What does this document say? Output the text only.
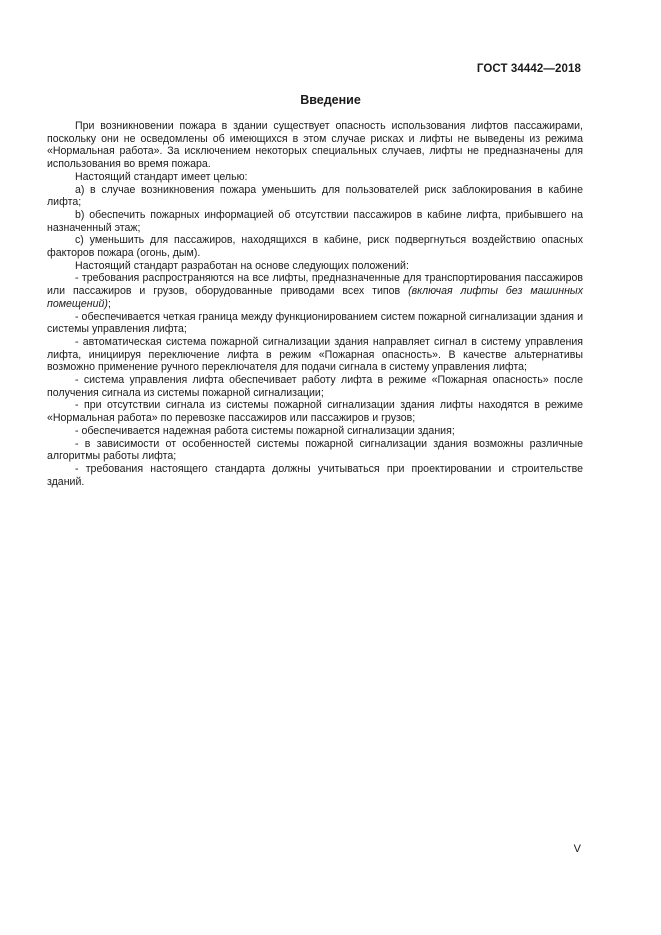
ГОСТ 34442—2018
Введение

При возникновении пожара в здании существует опасность использования лифтов пассажирами, поскольку они не осведомлены об имеющихся в этом случае рисках и лифты не выведены из режима «Нормальная работа». За исключением некоторых специальных случаев, лифты не предназначены для использования во время пожара.

Настоящий стандарт имеет целью:

a) в случае возникновения пожара уменьшить для пользователей риск заблокирования в кабине лифта;

b) обеспечить пожарных информацией об отсутствии пассажиров в кабине лифта, прибывшего на назначенный этаж;

c) уменьшить для пассажиров, находящихся в кабине, риск подвергнуться воздействию опасных факторов пожара (огонь, дым).

Настоящий стандарт разработан на основе следующих положений:

- требования распространяются на все лифты, предназначенные для транспортирования пассажиров или пассажиров и грузов, оборудованные приводами всех типов (включая лифты без машинных помещений);

- обеспечивается четкая граница между функционированием систем пожарной сигнализации здания и системы управления лифта;

- автоматическая система пожарной сигнализации здания направляет сигнал в систему управления лифта, инициируя переключение лифта в режим «Пожарная опасность». В качестве альтернативы возможно применение ручного переключателя для подачи сигнала в систему управления лифта;

- система управления лифта обеспечивает работу лифта в режиме «Пожарная опасность» после получения сигнала из системы пожарной сигнализации;

- при отсутствии сигнала из системы пожарной сигнализации здания лифты находятся в режиме «Нормальная работа» по перевозке пассажиров или пассажиров и грузов;

- обеспечивается надежная работа системы пожарной сигнализации здания;

- в зависимости от особенностей системы пожарной сигнализации здания возможны различные алгоритмы работы лифта;

- требования настоящего стандарта должны учитываться при проектировании и строительстве зданий.

V
